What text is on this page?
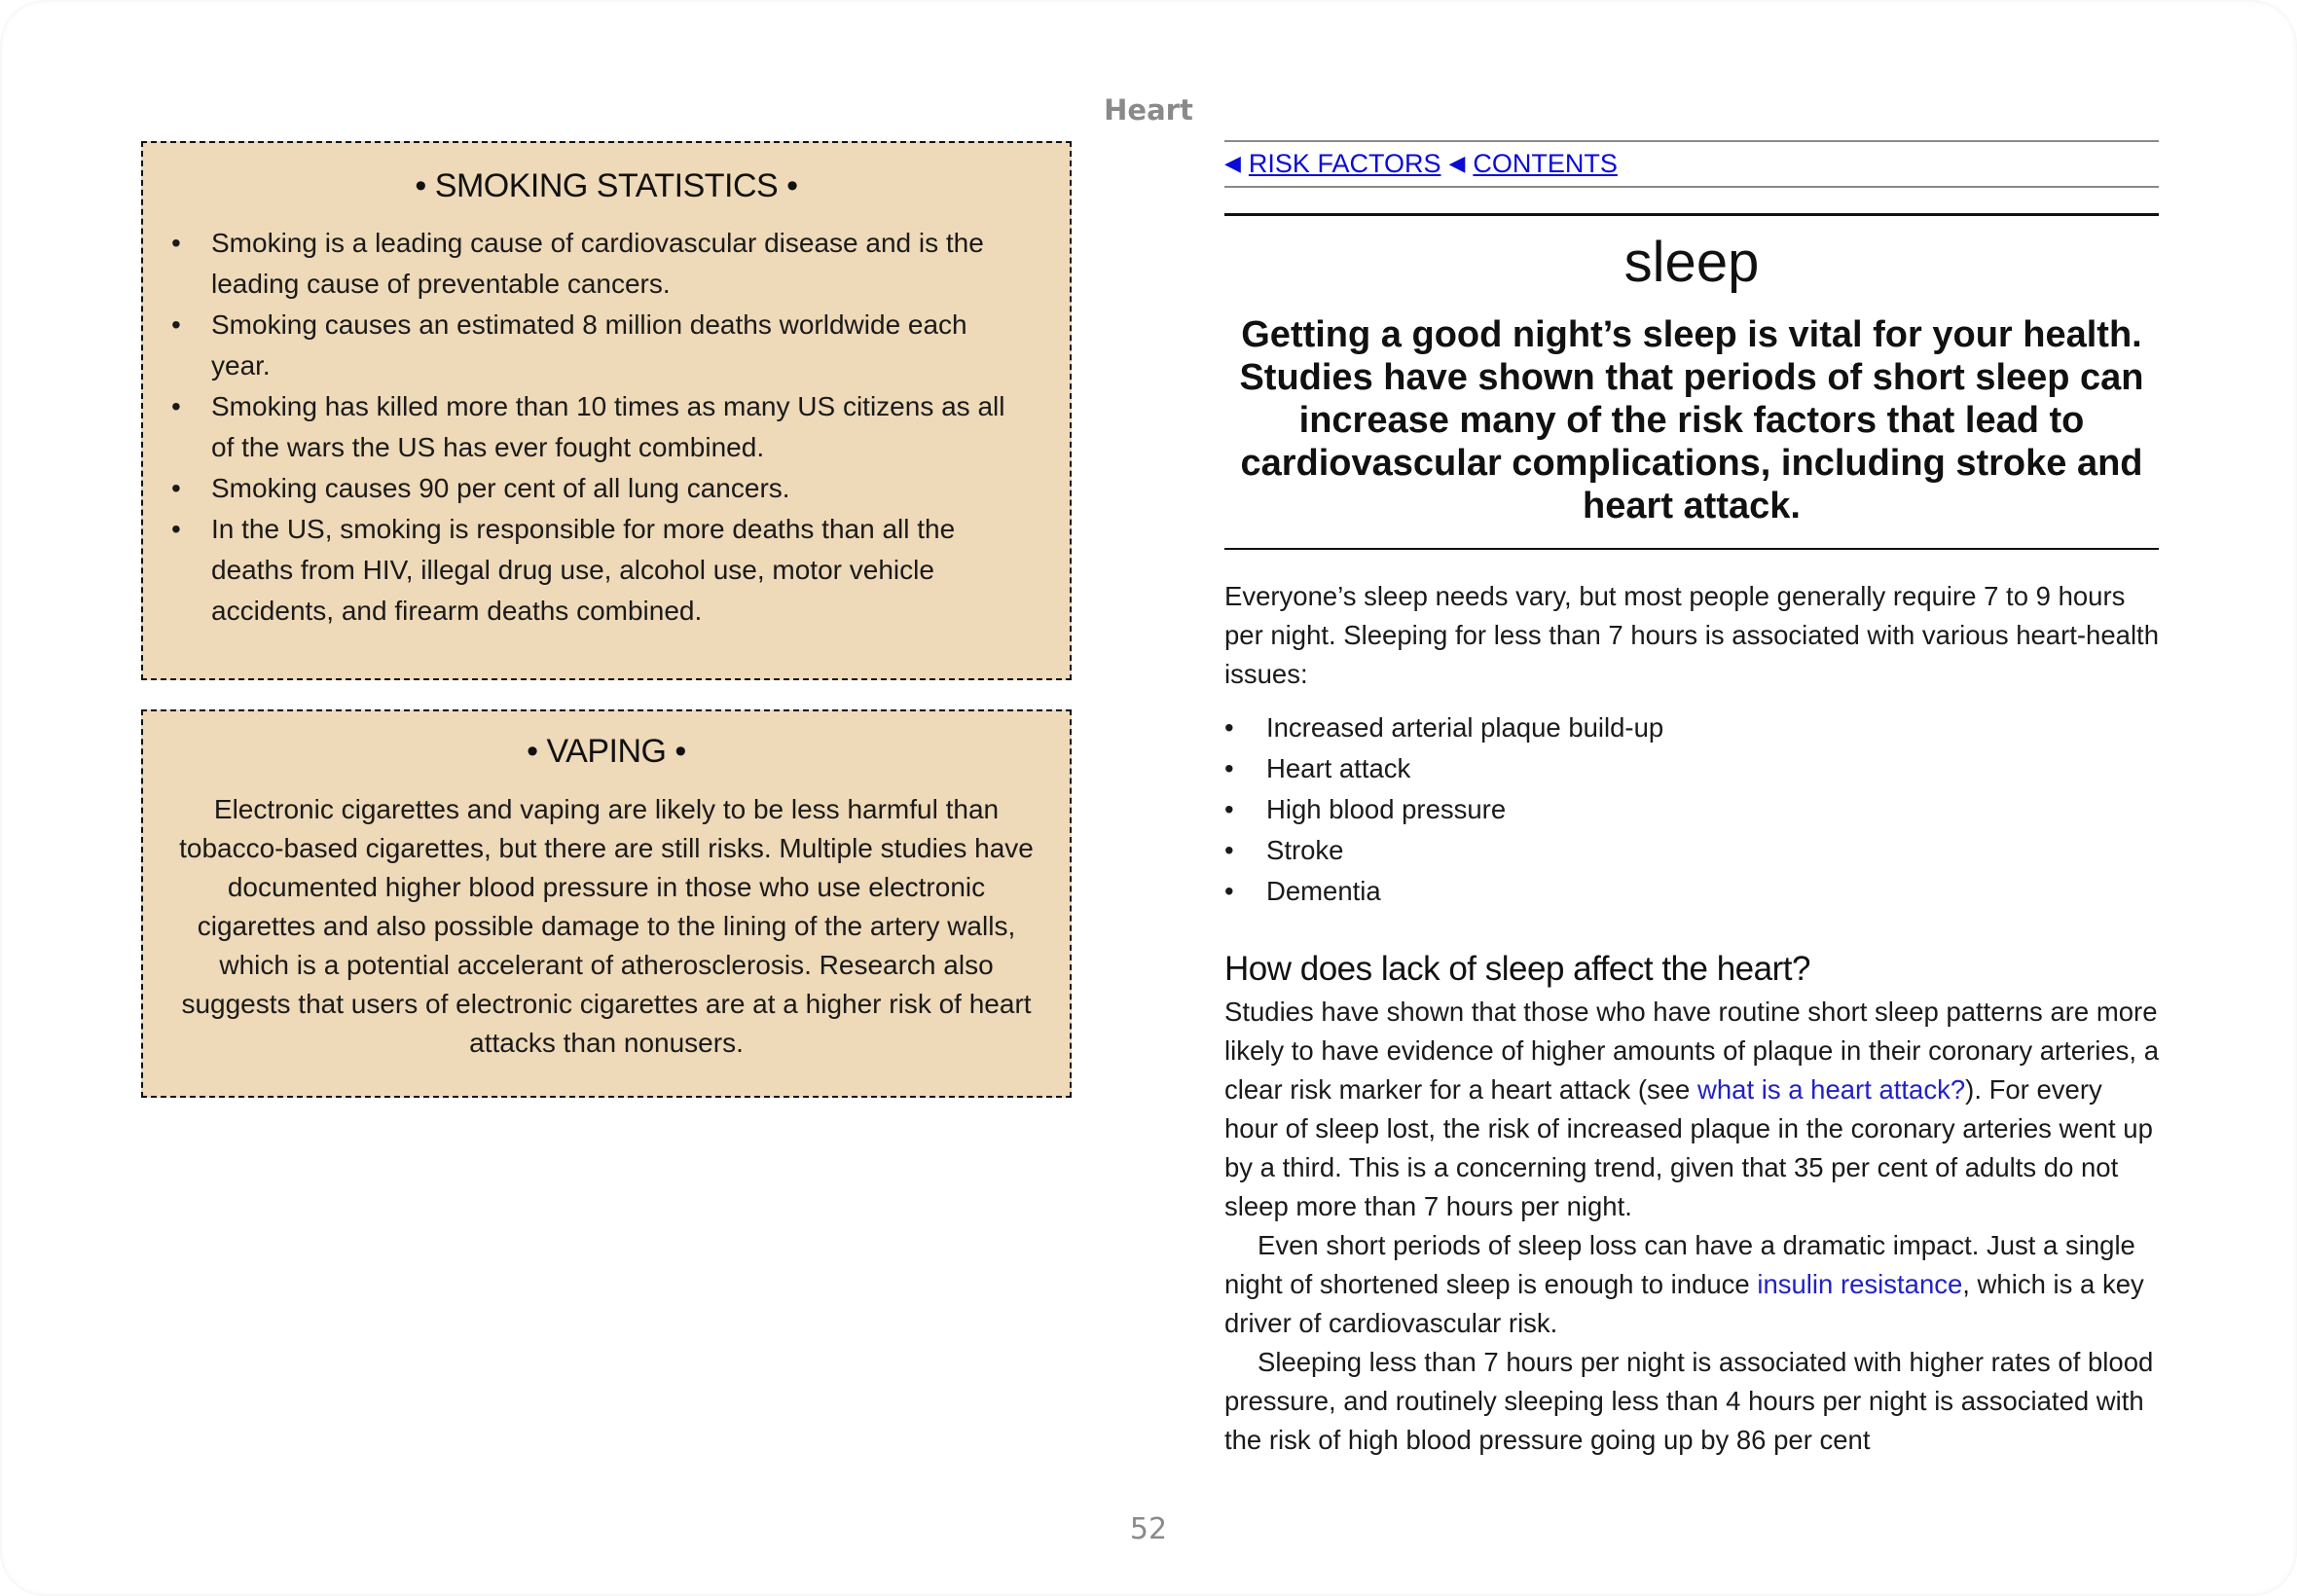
Heart
• SMOKING STATISTICS •
• Smoking is a leading cause of cardiovascular disease and is the leading cause of preventable cancers.
• Smoking causes an estimated 8 million deaths worldwide each year.
• Smoking has killed more than 10 times as many US citizens as all of the wars the US has ever fought combined.
• Smoking causes 90 per cent of all lung cancers.
• In the US, smoking is responsible for more deaths than all the deaths from HIV, illegal drug use, alcohol use, motor vehicle accidents, and firearm deaths combined.
• VAPING •

Electronic cigarettes and vaping are likely to be less harmful than tobacco-based cigarettes, but there are still risks. Multiple studies have documented higher blood pressure in those who use electronic cigarettes and also possible damage to the lining of the artery walls, which is a potential accelerant of atherosclerosis. Research also suggests that users of electronic cigarettes are at a higher risk of heart attacks than nonusers.

◀ RISK FACTORS ◀ CONTENTS
sleep
Getting a good night’s sleep is vital for your health. Studies have shown that periods of short sleep can increase many of the risk factors that lead to cardiovascular complications, including stroke and heart attack.

Everyone’s sleep needs vary, but most people generally require 7 to 9 hours per night. Sleeping for less than 7 hours is associated with various heart-health issues:

• Increased arterial plaque build-up
• Heart attack
• High blood pressure
• Stroke
• Dementia
How does lack of sleep affect the heart?

Studies have shown that those who have routine short sleep patterns are more likely to have evidence of higher amounts of plaque in their coronary arteries, a clear risk marker for a heart attack (see what is a heart attack?). For every hour of sleep lost, the risk of increased plaque in the coronary arteries went up by a third. This is a concerning trend, given that 35 per cent of adults do not sleep more than 7 hours per night.

Even short periods of sleep loss can have a dramatic impact. Just a single night of shortened sleep is enough to induce insulin resistance, which is a key driver of cardiovascular risk.

Sleeping less than 7 hours per night is associated with higher rates of blood pressure, and routinely sleeping less than 4 hours per night is associated with the risk of high blood pressure going up by 86 per cent

52
